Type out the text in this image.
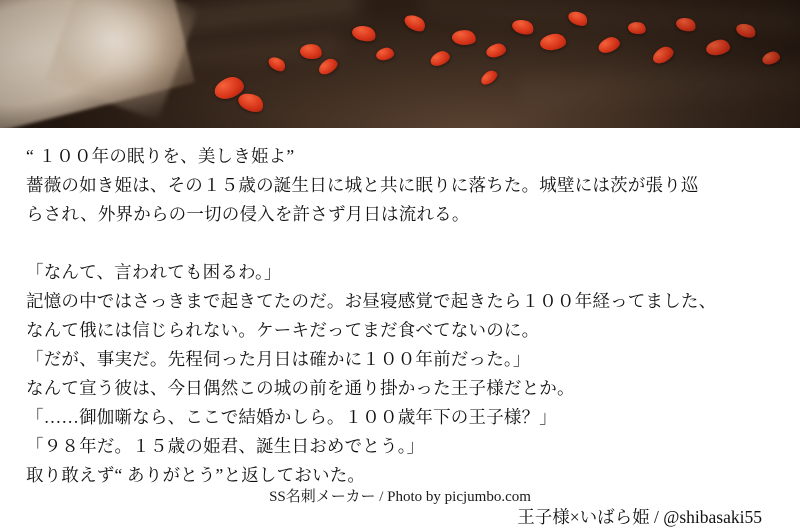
“ １００年の眠りを、美しき姫よ”
薔薇の如き姫は、その１５歳の誕生日に城と共に眠りに落ちた。城壁には茨が張り巡
らされ、外界からの一切の侵入を許さず月日は流れる。
「なんて、言われても困るわ。」
記憶の中ではさっきまで起きてたのだ。お昼寝感覚で起きたら１００年経ってました、
なんて俄には信じられない。ケーキだってまだ食べてないのに。
「だが、事実だ。先程伺った月日は確かに１００年前だった。」
なんて宣う彼は、今日偶然この城の前を通り掛かった王子様だとか。
「……御伽噺なら、ここで結婚かしら。１００歳年下の王子様？」
「９８年だ。１５歳の姫君、誕生日おめでとう。」
取り敢えず“ ありがとう”と返しておいた。
王子様×いばら姫 / @shibasaki55
SS名刺メーカー / Photo by picjumbo.com
